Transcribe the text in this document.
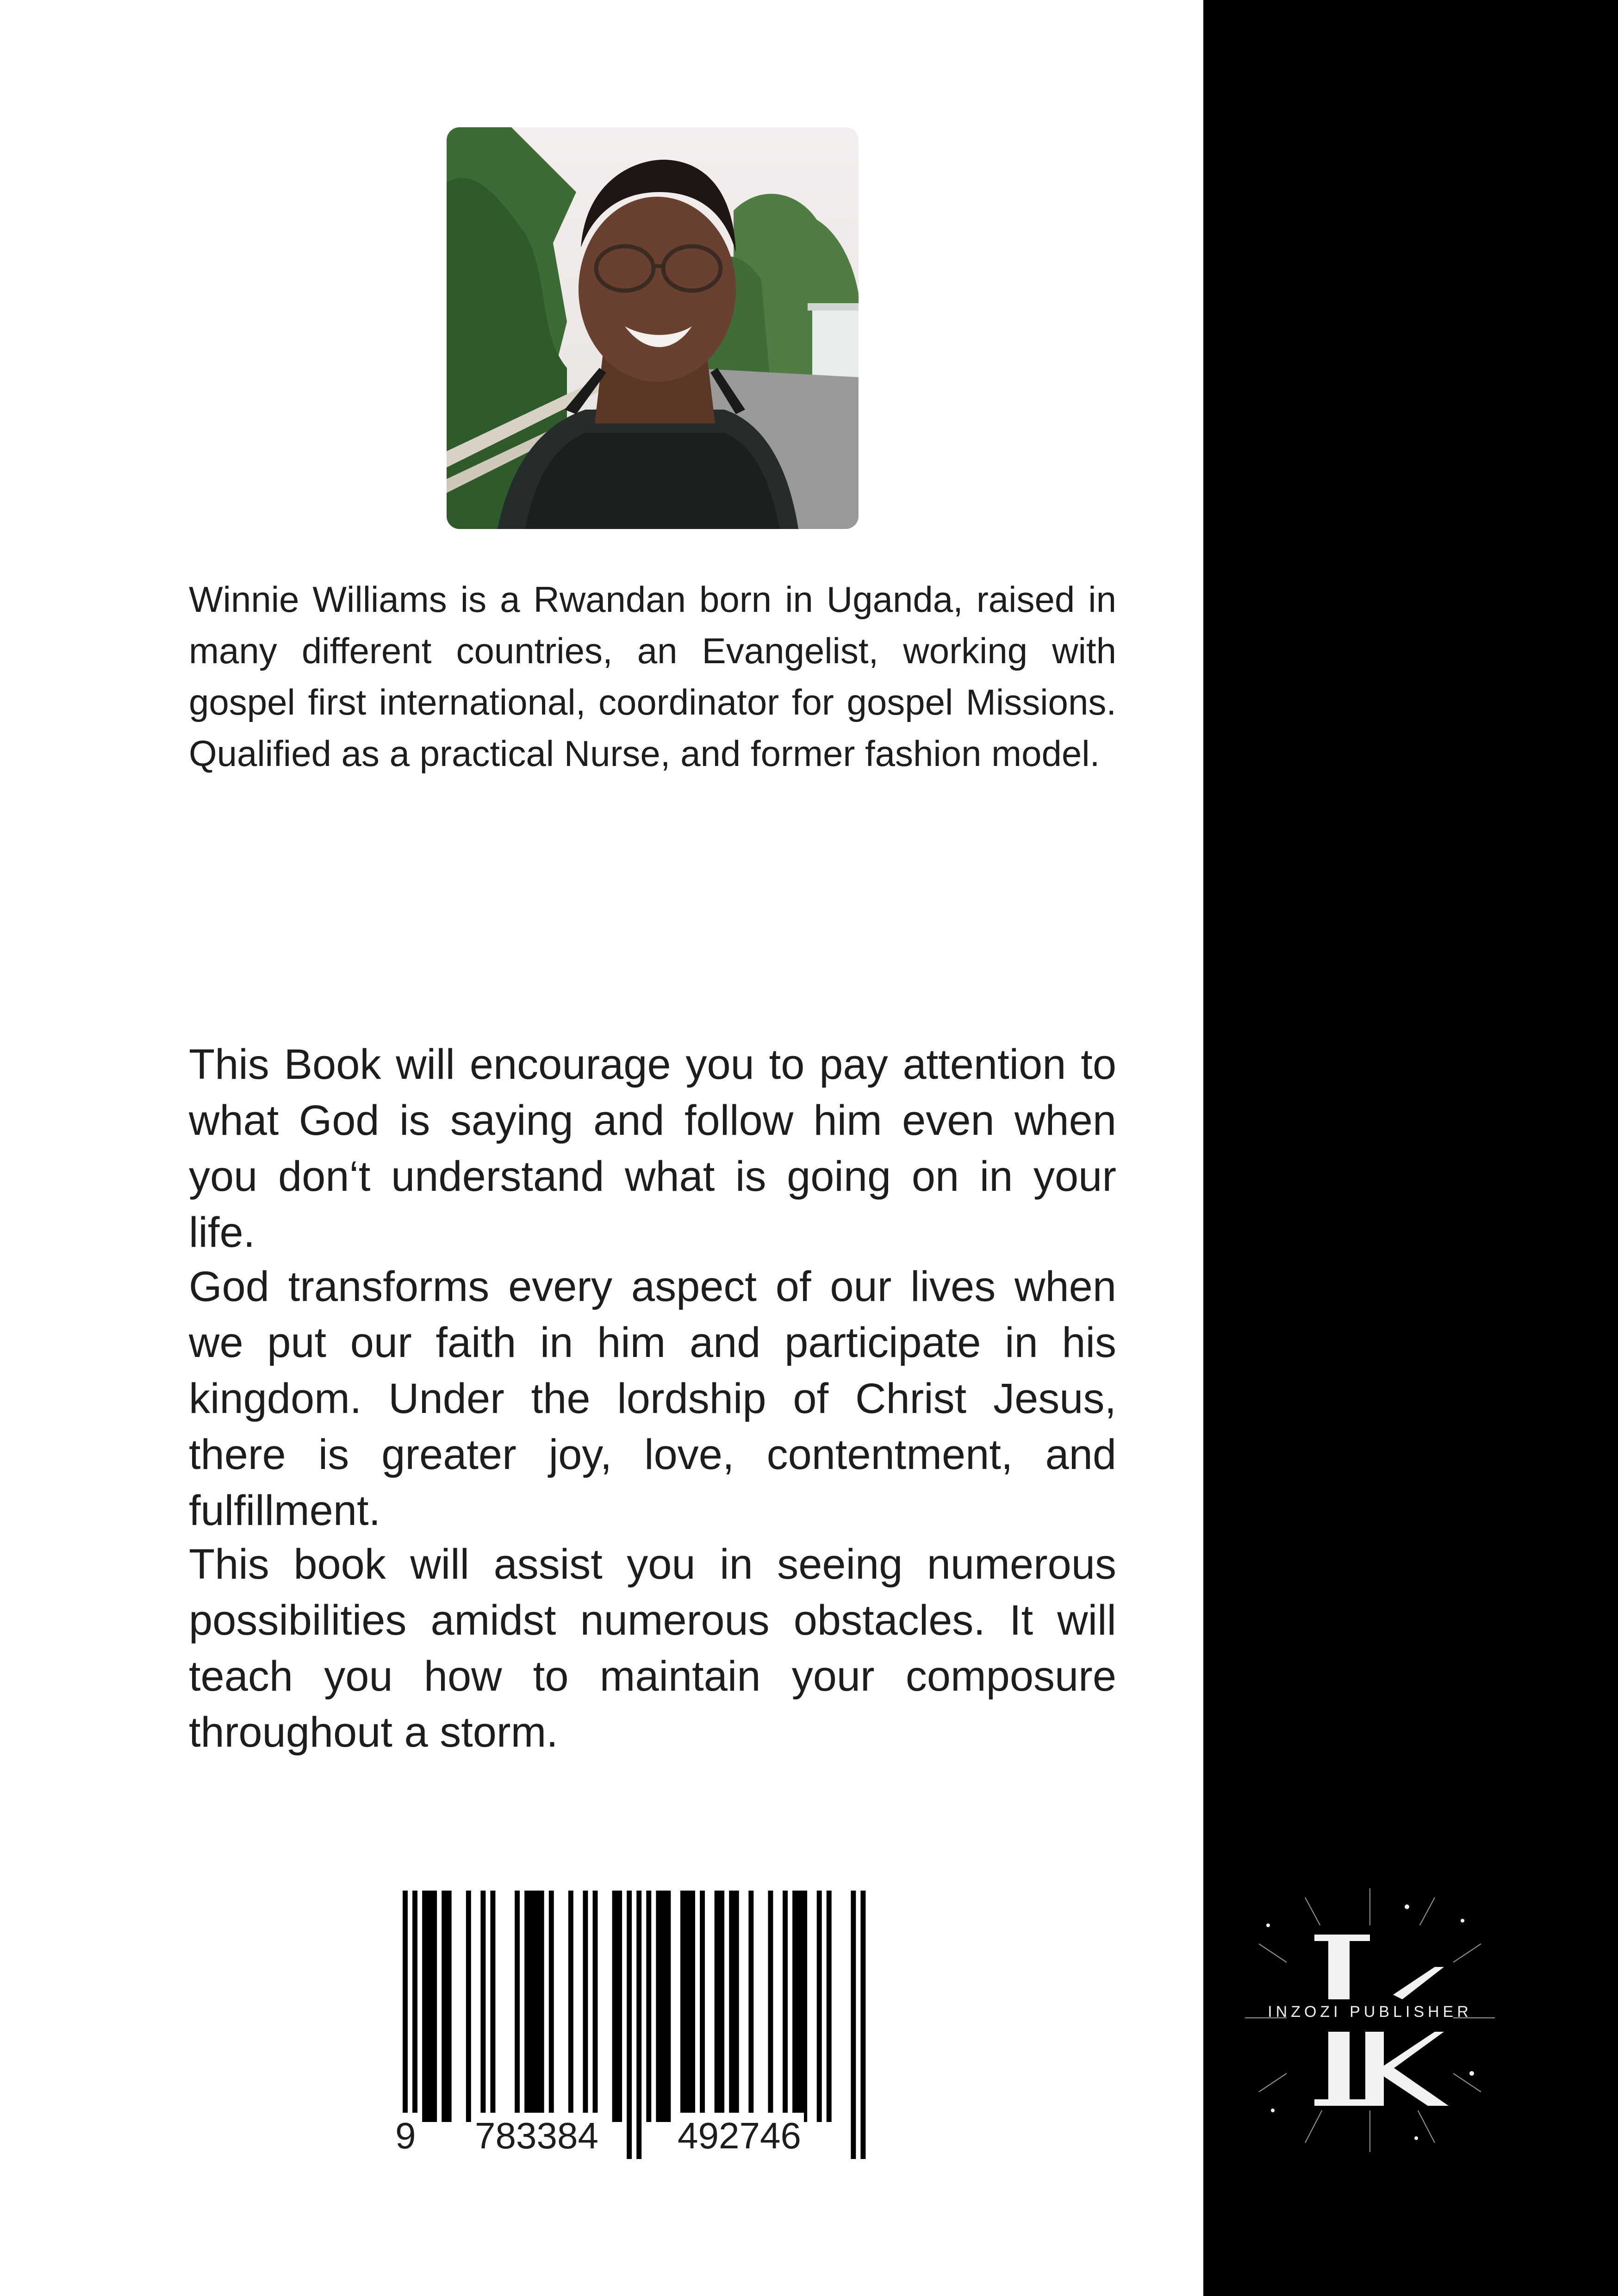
Winnie Williams is a Rwandan born in Uganda, raised in many different countries, an Evangelist, working with gospel first international, coordinator for gospel Missions. Qualified as a practical Nurse, and former fashion model.
This Book will encourage you to pay attention to what God is saying and follow him even when you don‘t understand what is going on in your life.
God transforms every aspect of our lives when we put our faith in him and participate in his kingdom. Under the lordship of Christ Jesus, there is greater joy, love, contentment, and fulfillment.
This book will assist you in seeing numerous possibilities amidst numerous obstacles. It will teach you how to maintain your composure throughout a storm.
9 783384 492746
INZOZI PUBLISHER
